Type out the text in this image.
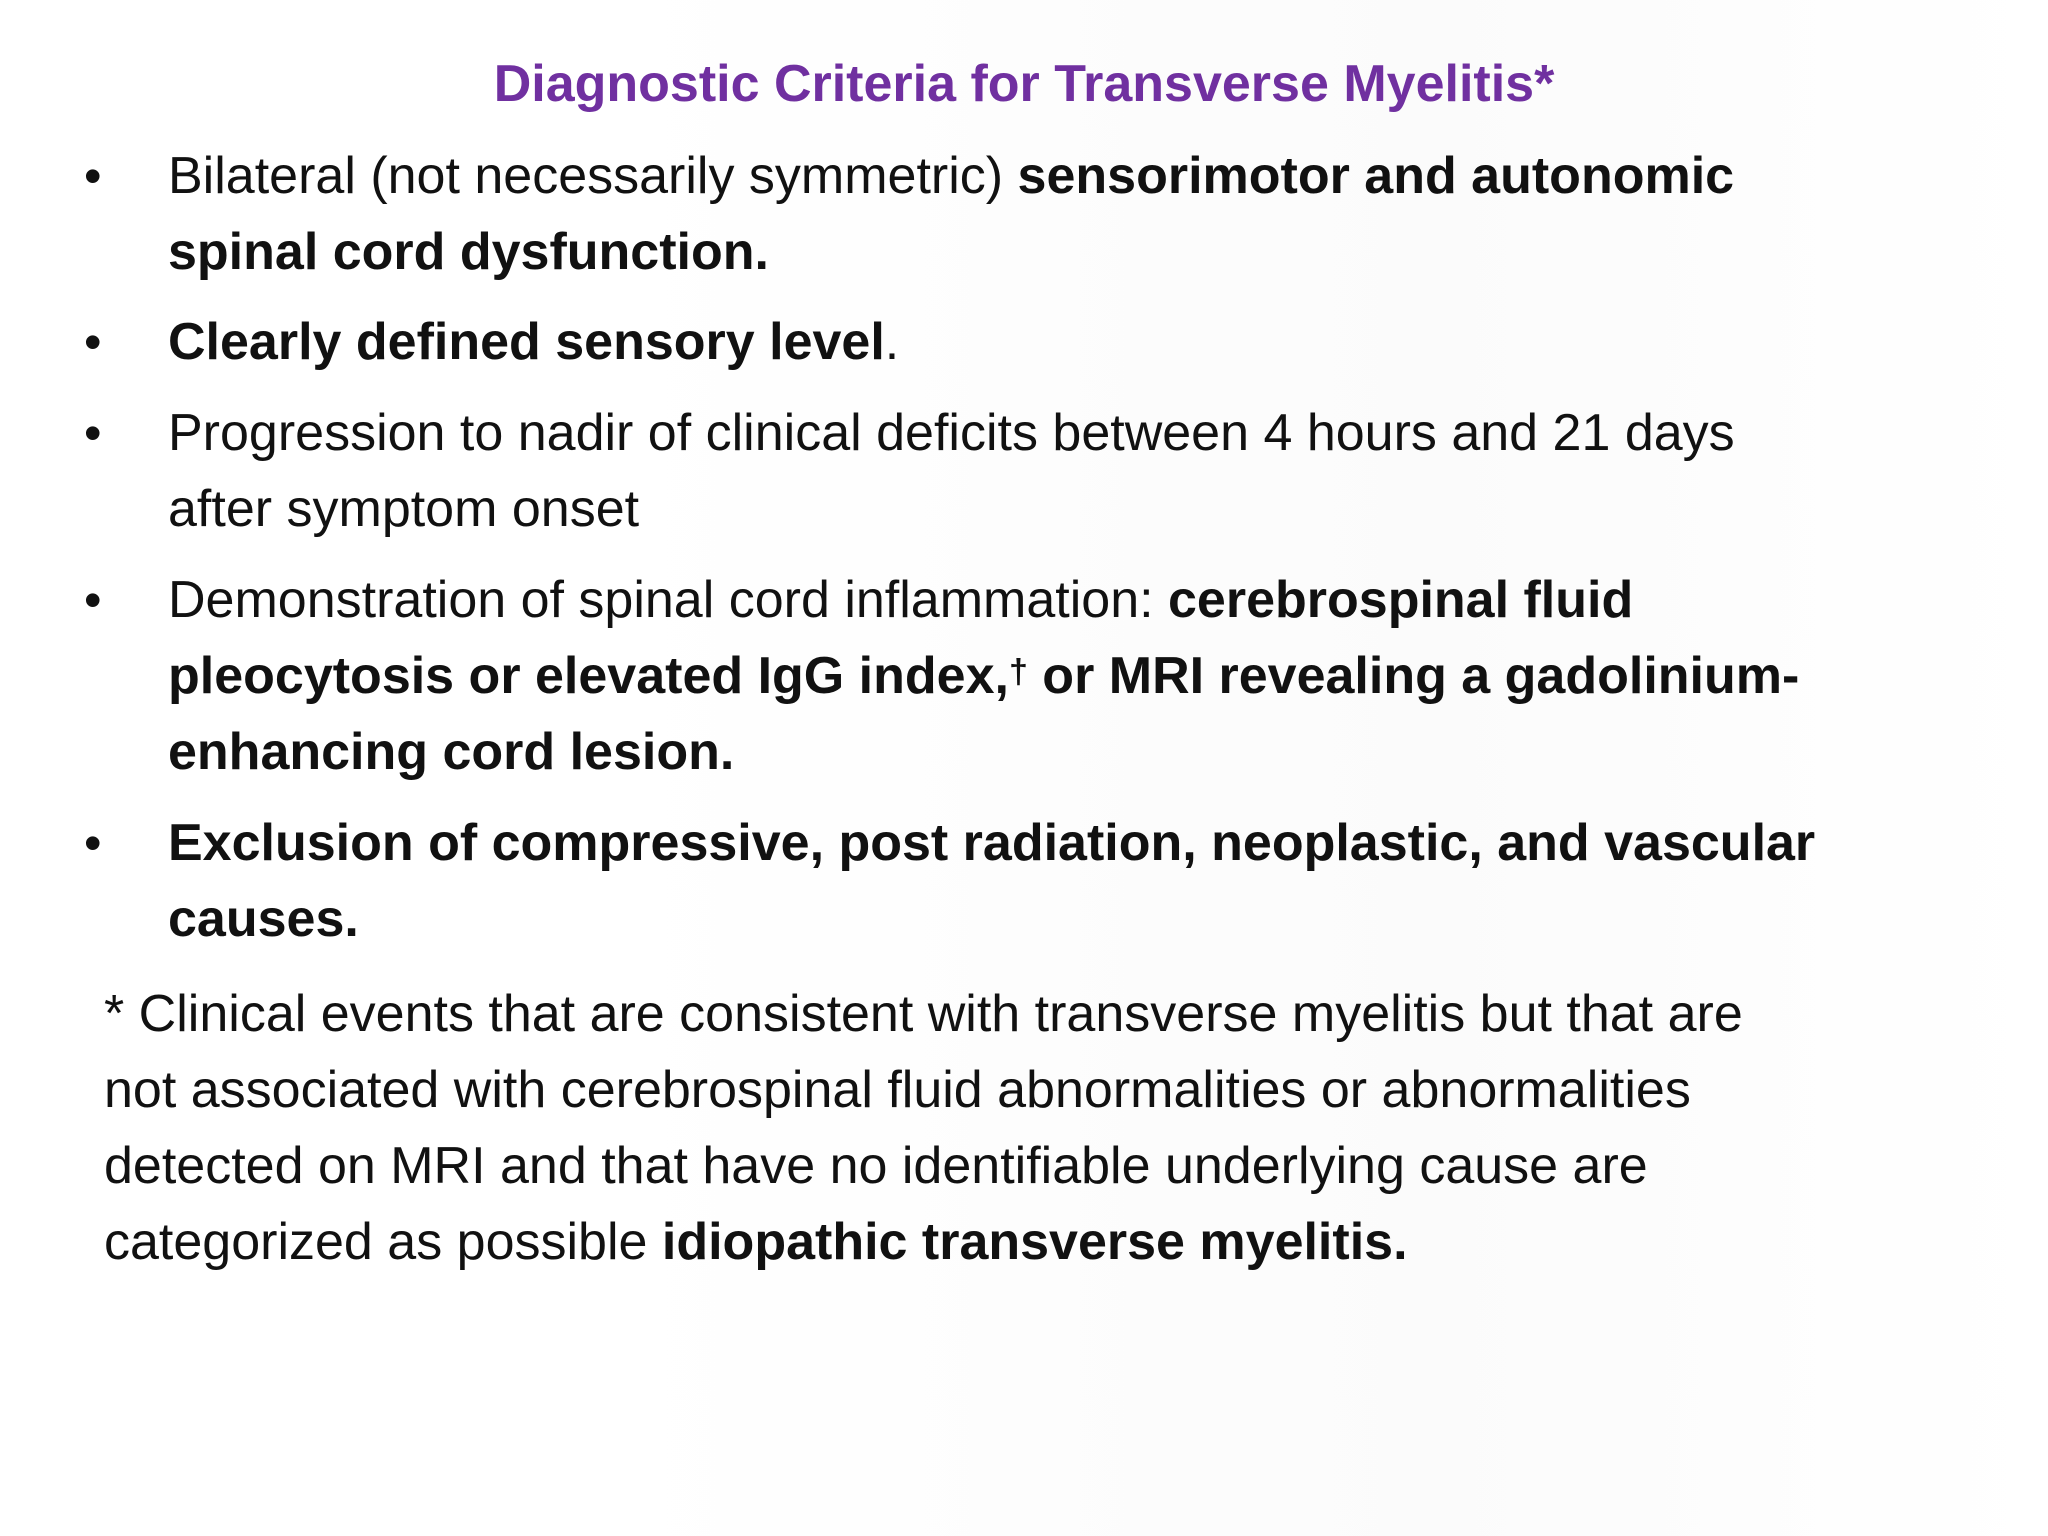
Diagnostic Criteria for Transverse Myelitis*
•	Bilateral (not necessarily symmetric) sensorimotor and autonomic
spinal cord dysfunction.
•	Clearly defined sensory level.
•	Progression to nadir of clinical deficits between 4 hours and 21 days
after symptom onset
•	Demonstration of spinal cord inflammation: cerebrospinal fluid
pleocytosis or elevated IgG index,† or MRI revealing a gadolinium-
enhancing cord lesion.
•	Exclusion of compressive, post radiation, neoplastic, and vascular
causes.
* Clinical events that are consistent with transverse myelitis but that are
not associated with cerebrospinal fluid abnormalities or abnormalities
detected on MRI and that have no identifiable underlying cause are
categorized as possible idiopathic transverse myelitis.
